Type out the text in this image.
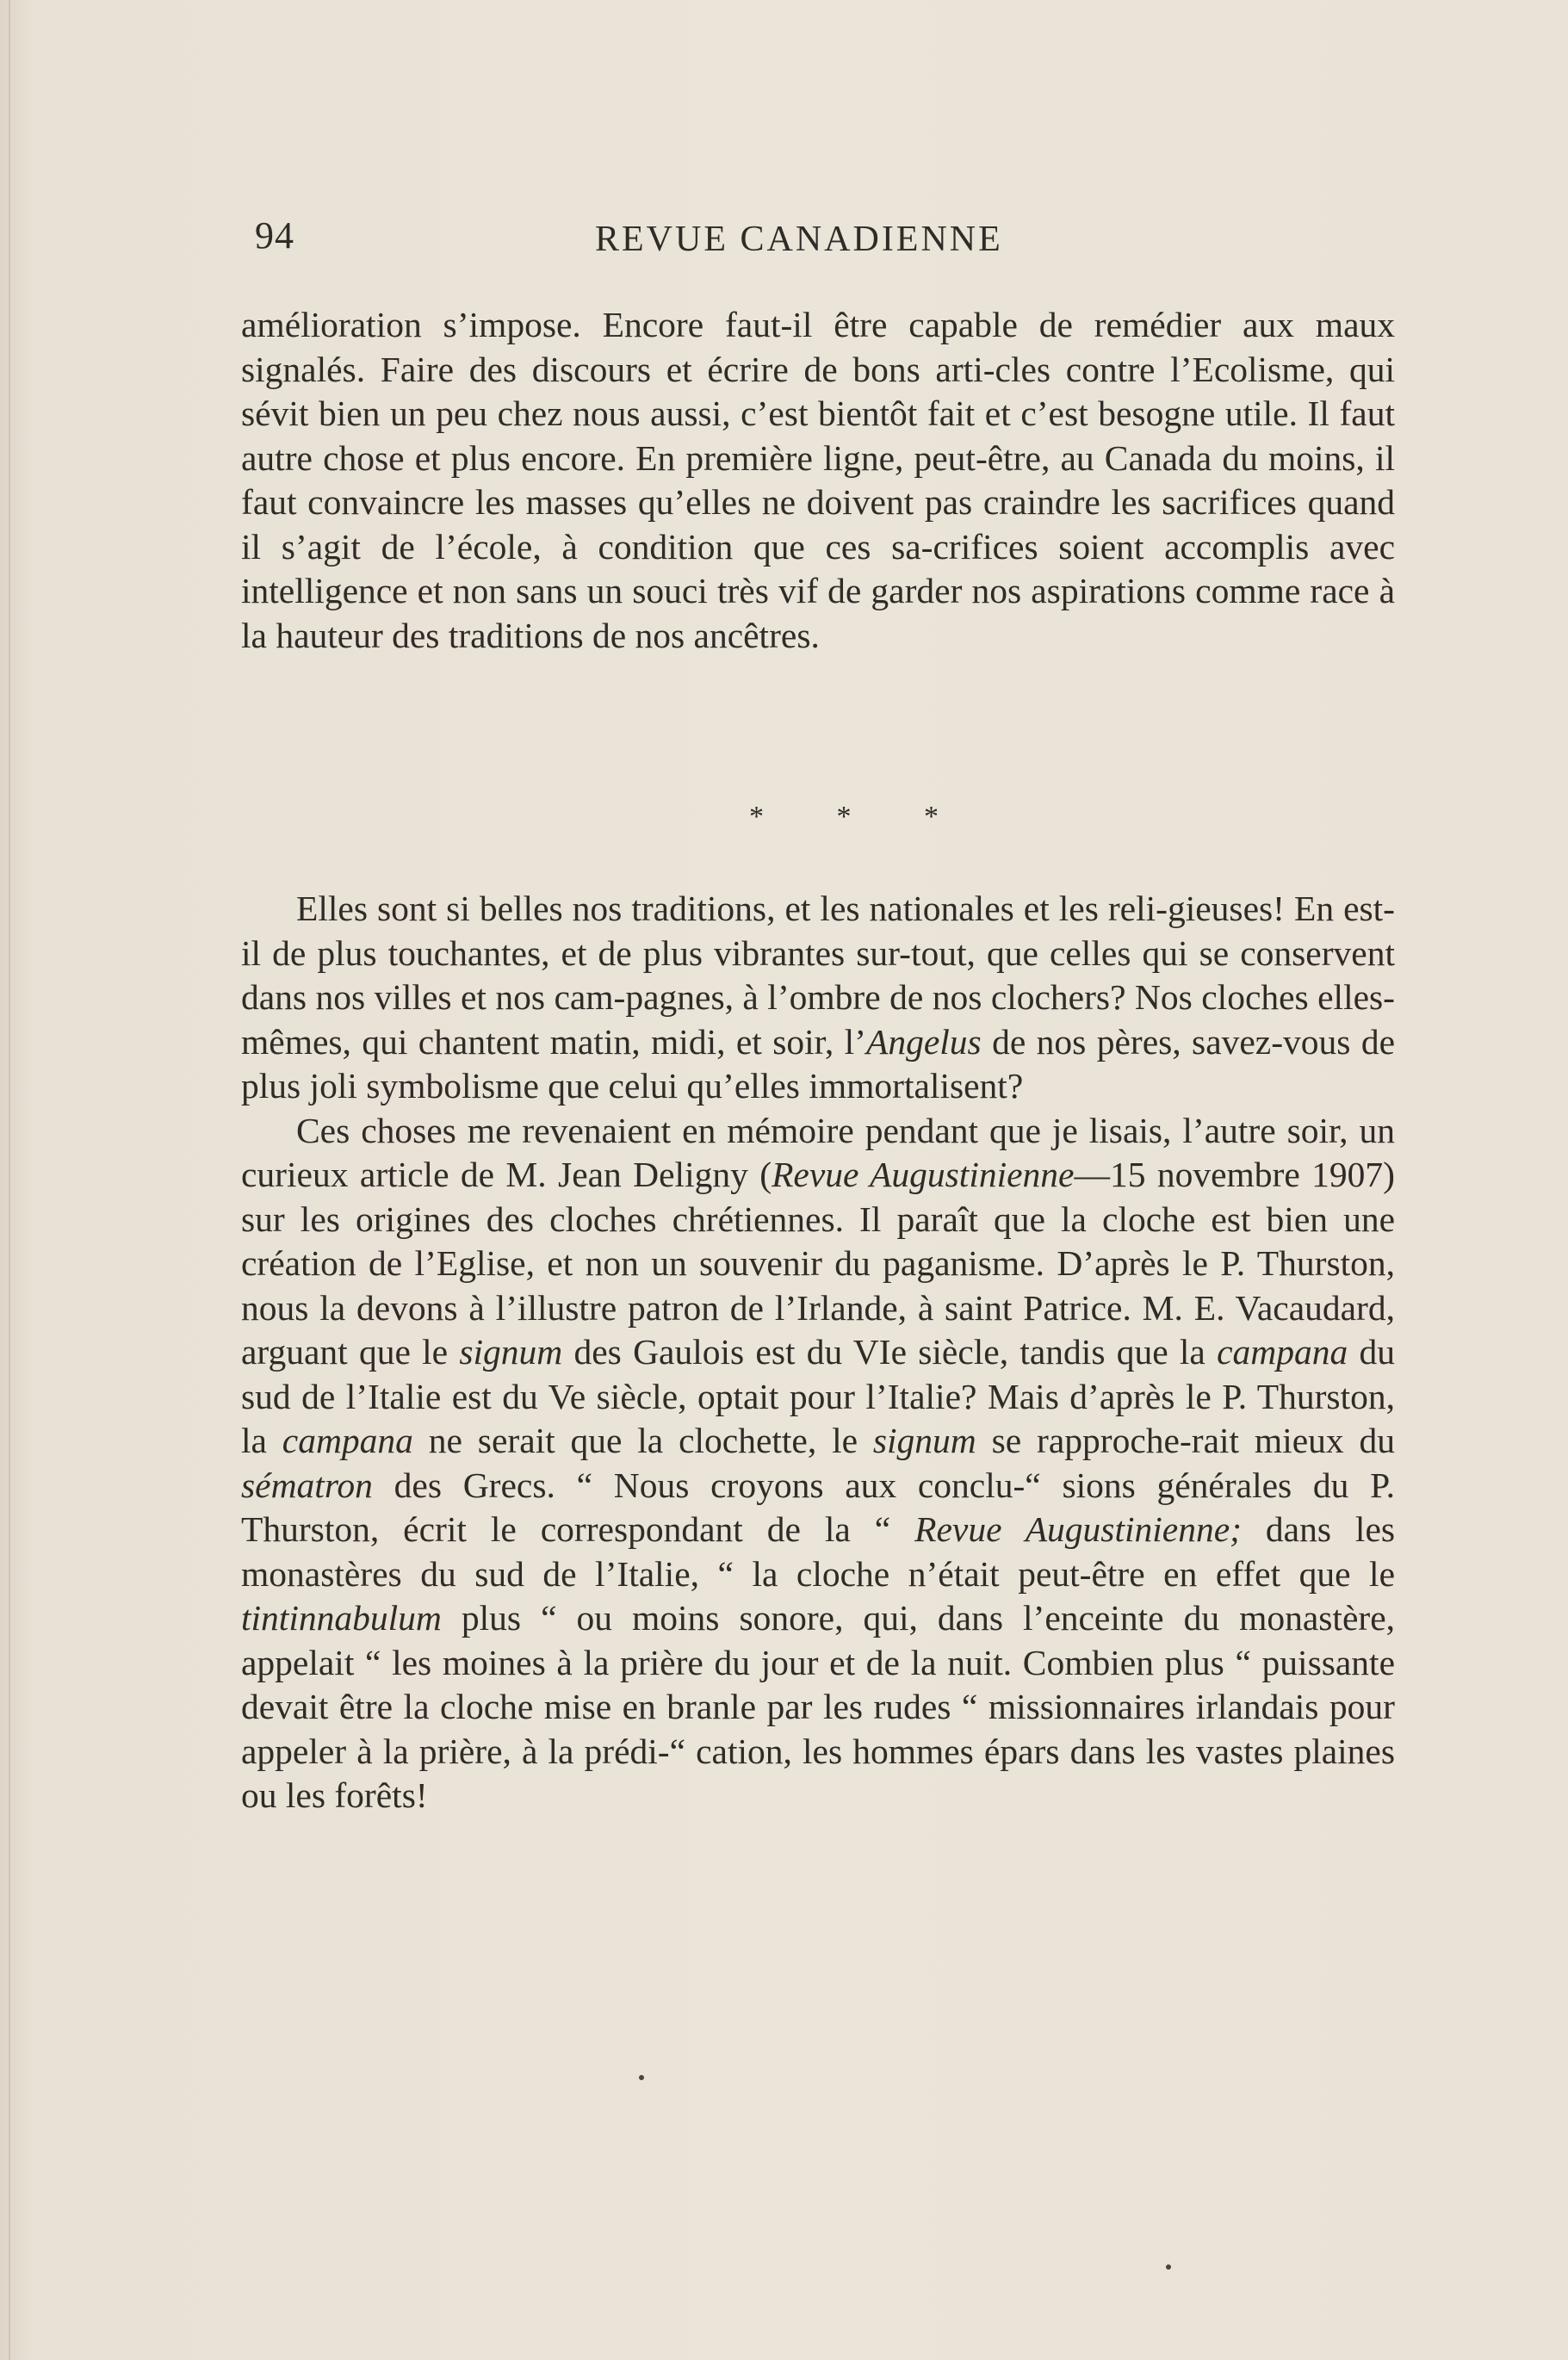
94	REVUE CANADIENNE

amélioration s’impose. Encore faut-il être capable de remédier aux maux signalés. Faire des discours et écrire de bons arti-cles contre l’Ecolisme, qui sévit bien un peu chez nous aussi, c’est bientôt fait et c’est besogne utile. Il faut autre chose et plus encore. En première ligne, peut-être, au Canada du moins, il faut convaincre les masses qu’elles ne doivent pas craindre les sacrifices quand il s’agit de l’école, à condition que ces sa-crifices soient accomplis avec intelligence et non sans un souci très vif de garder nos aspirations comme race à la hauteur des traditions de nos ancêtres.

* * *

Elles sont si belles nos traditions, et les nationales et les reli-gieuses! En est-il de plus touchantes, et de plus vibrantes sur-tout, que celles qui se conservent dans nos villes et nos cam-pagnes, à l’ombre de nos clochers? Nos cloches elles-mêmes, qui chantent matin, midi, et soir, l’Angelus de nos pères, savez-vous de plus joli symbolisme que celui qu’elles immortalisent?

Ces choses me revenaient en mémoire pendant que je lisais, l’autre soir, un curieux article de M. Jean Deligny (Revue Augustinienne—15 novembre 1907) sur les origines des cloches chrétiennes. Il paraît que la cloche est bien une création de l’Eglise, et non un souvenir du paganisme. D’après le P. Thurston, nous la devons à l’illustre patron de l’Irlande, à saint Patrice. M. E. Vacaudard, arguant que le signum des Gaulois est du VIe siècle, tandis que la campana du sud de l’Italie est du Ve siècle, optait pour l’Italie? Mais d’après le P. Thurston, la campana ne serait que la clochette, le signum se rapproche-rait mieux du sématron des Grecs. “ Nous croyons aux conclu-“ sions générales du P. Thurston, écrit le correspondant de la “ Revue Augustinienne; dans les monastères du sud de l’Italie, “ la cloche n’était peut-être en effet que le tintinnabulum plus “ ou moins sonore, qui, dans l’enceinte du monastère, appelait “ les moines à la prière du jour et de la nuit. Combien plus “ puissante devait être la cloche mise en branle par les rudes “ missionnaires irlandais pour appeler à la prière, à la prédi-“ cation, les hommes épars dans les vastes plaines ou les forêts!
